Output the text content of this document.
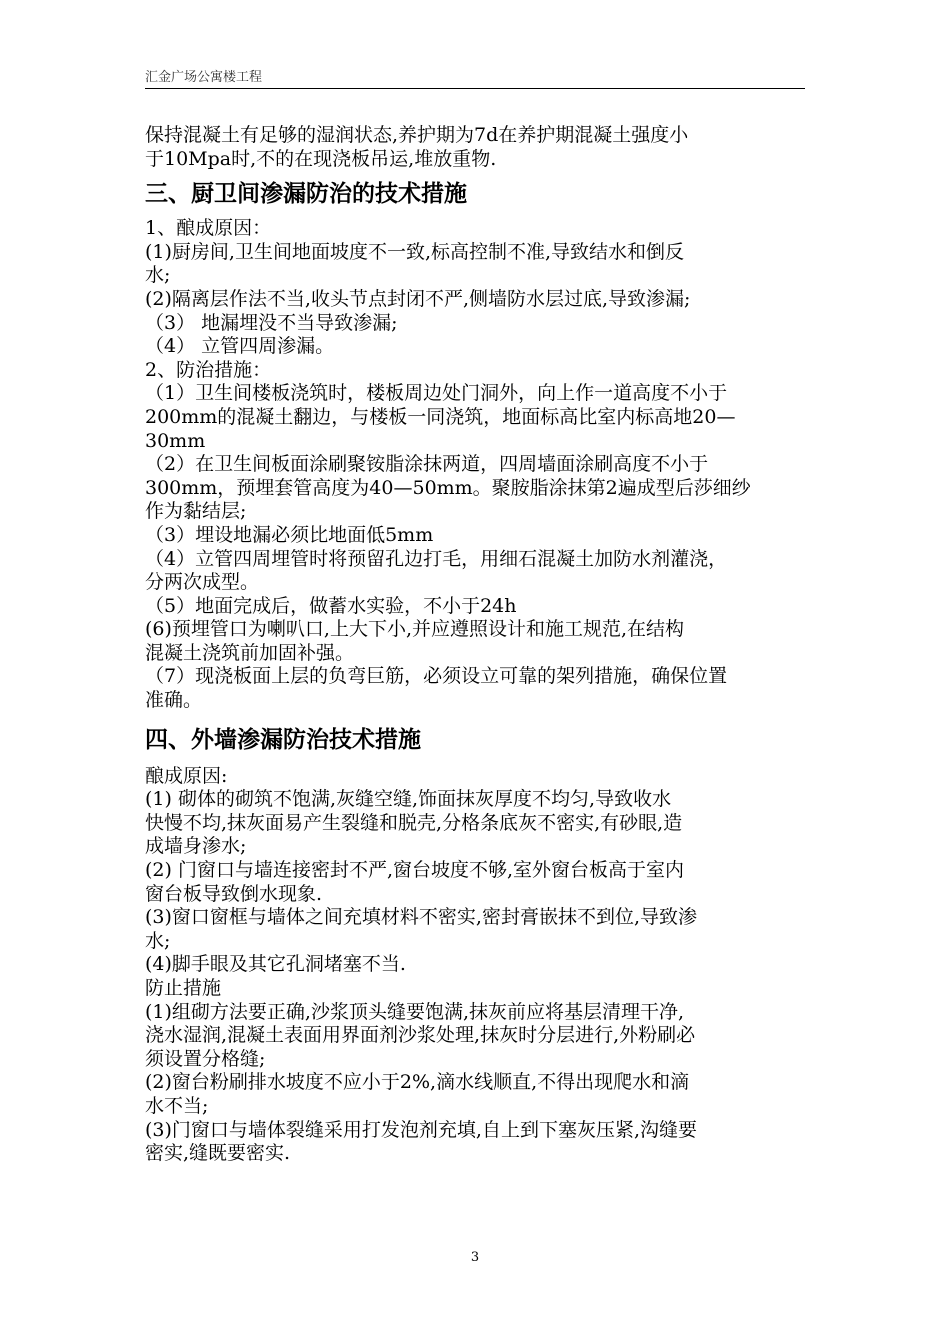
汇金广场公寓楼工程
保持混凝土有足够的湿润状态,养护期为7d在养护期混凝土强度小
于10Mpa时,不的在现浇板吊运,堆放重物.
三、厨卫间渗漏防治的技术措施
1、酿成原因：
(1)厨房间,卫生间地面坡度不一致,标高控制不准,导致结水和倒反
水;
(2)隔离层作法不当,收头节点封闭不严,侧墙防水层过底,导致渗漏;
（3） 地漏埋没不当导致渗漏;
（4） 立管四周渗漏。
2、防治措施：
（1）卫生间楼板浇筑时，楼板周边处门洞外，向上作一道高度不小于
200mm的混凝土翻边，与楼板一同浇筑，地面标高比室内标高地20—
30mm
（2）在卫生间板面涂刷聚铵脂涂抹两道，四周墙面涂刷高度不小于
300mm，预埋套管高度为40—50mm。聚胺脂涂抹第2遍成型后莎细纱
作为黏结层;
（3）埋设地漏必须比地面低5mm
（4）立管四周埋管时将预留孔边打毛，用细石混凝土加防水剂灌浇，
分两次成型。
（5）地面完成后，做蓄水实验，不小于24h
(6)预埋管口为喇叭口,上大下小,并应遵照设计和施工规范,在结构
混凝土浇筑前加固补强。
（7）现浇板面上层的负弯巨筋，必须设立可靠的架列措施，确保位置
准确。
四、外墙渗漏防治技术措施
酿成原因:
(1) 砌体的砌筑不饱满,灰缝空缝,饰面抹灰厚度不均匀,导致收水
快慢不均,抹灰面易产生裂缝和脱壳,分格条底灰不密实,有砂眼,造
成墙身渗水;
(2) 门窗口与墙连接密封不严,窗台坡度不够,室外窗台板高于室内
窗台板导致倒水现象.
(3)窗口窗框与墙体之间充填材料不密实,密封膏嵌抹不到位,导致渗
水;
(4)脚手眼及其它孔洞堵塞不当.
防止措施
(1)组砌方法要正确,沙浆顶头缝要饱满,抹灰前应将基层清理干净,
浇水湿润,混凝土表面用界面剂沙浆处理,抹灰时分层进行,外粉刷必
须设置分格缝;
(2)窗台粉刷排水坡度不应小于2%,滴水线顺直,不得出现爬水和滴
水不当;
(3)门窗口与墙体裂缝采用打发泡剂充填,自上到下塞灰压紧,沟缝要
密实,缝既要密实.
3
